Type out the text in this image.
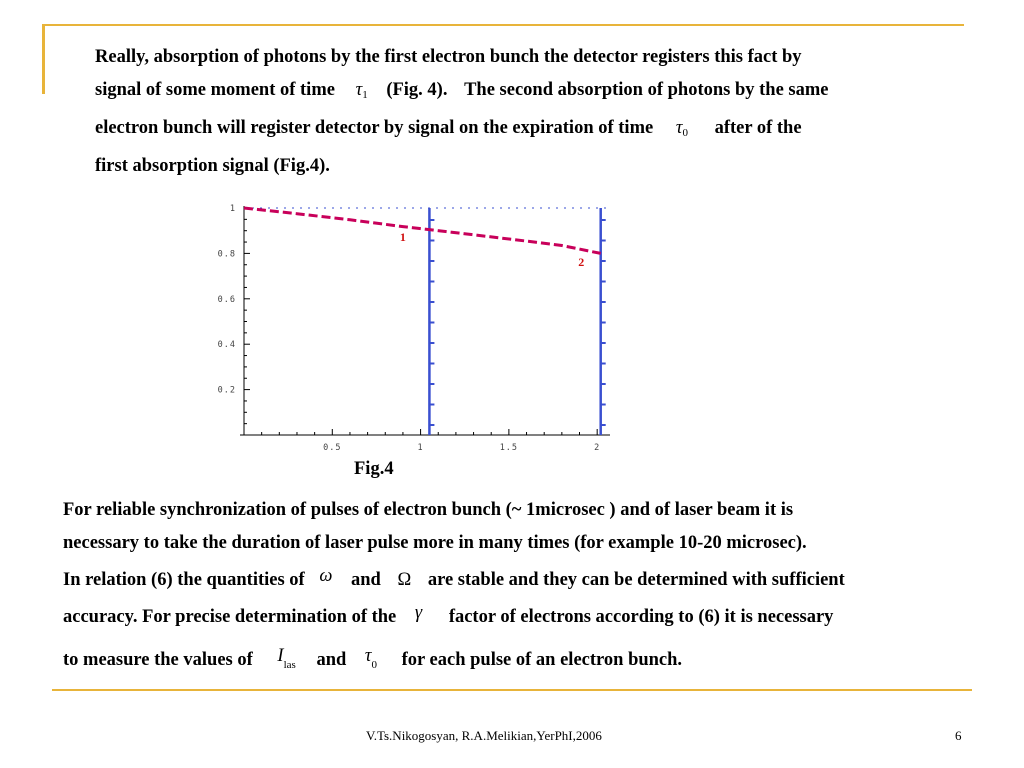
Really, absorption of photons by the first electron bunch the detector registers this fact by
signal of some moment of time $\tau_1$ (Fig. 4). The second absorption of photons by the same
electron bunch will register detector by signal on the expiration of time $\tau_0$ after of the
first absorption signal (Fig.4).
0.5	1	1.5	2
0.2
0.4
0.6
0.8
1
1
2
Fig.4
For reliable synchronization of pulses of electron bunch (~ 1microsec ) and of laser beam it is
necessary to take the duration of laser pulse more in many times (for example 10-20 microsec).
In relation (6) the quantities of ω and Ω are stable and they can be determined with sufficient
accuracy. For precise determination of the γ factor of electrons according to (6) it is necessary
to measure the values of $I_{las}$ and $\tau_0$ for each pulse of an electron bunch.
V.Ts.Nikogosyan, R.A.Melikian,YerPhI,2006	6
